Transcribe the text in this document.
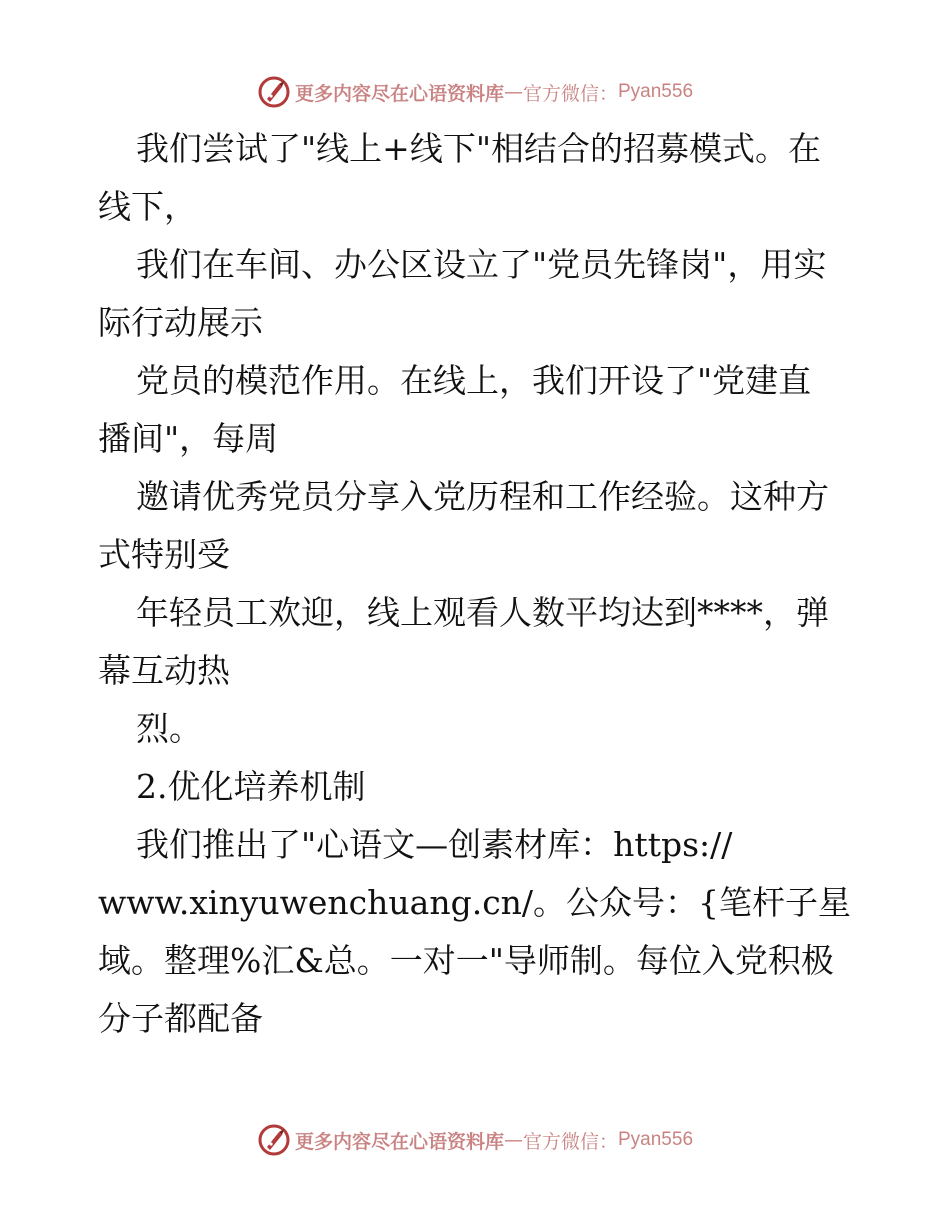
更多内容尽在心语资料库 — 官方微信： Pyan556
我们尝试了"线上+线下"相结合的招募模式。在
线下，
我们在车间、办公区设立了"党员先锋岗"，用实
际行动展示
党员的模范作用。在线上，我们开设了"党建直
播间"，每周
邀请优秀党员分享入党历程和工作经验。这种方
式特别受
年轻员工欢迎，线上观看人数平均达到****，弹
幕互动热
烈。
2.优化培养机制
我们推出了"心语文—创素材库：https://
www.xinyuwenchuang.cn/。公众号：{笔杆子星
域。整理%汇&总。一对一"导师制。每位入党积极
分子都配备
更多内容尽在心语资料库 — 官方微信： Pyan556
